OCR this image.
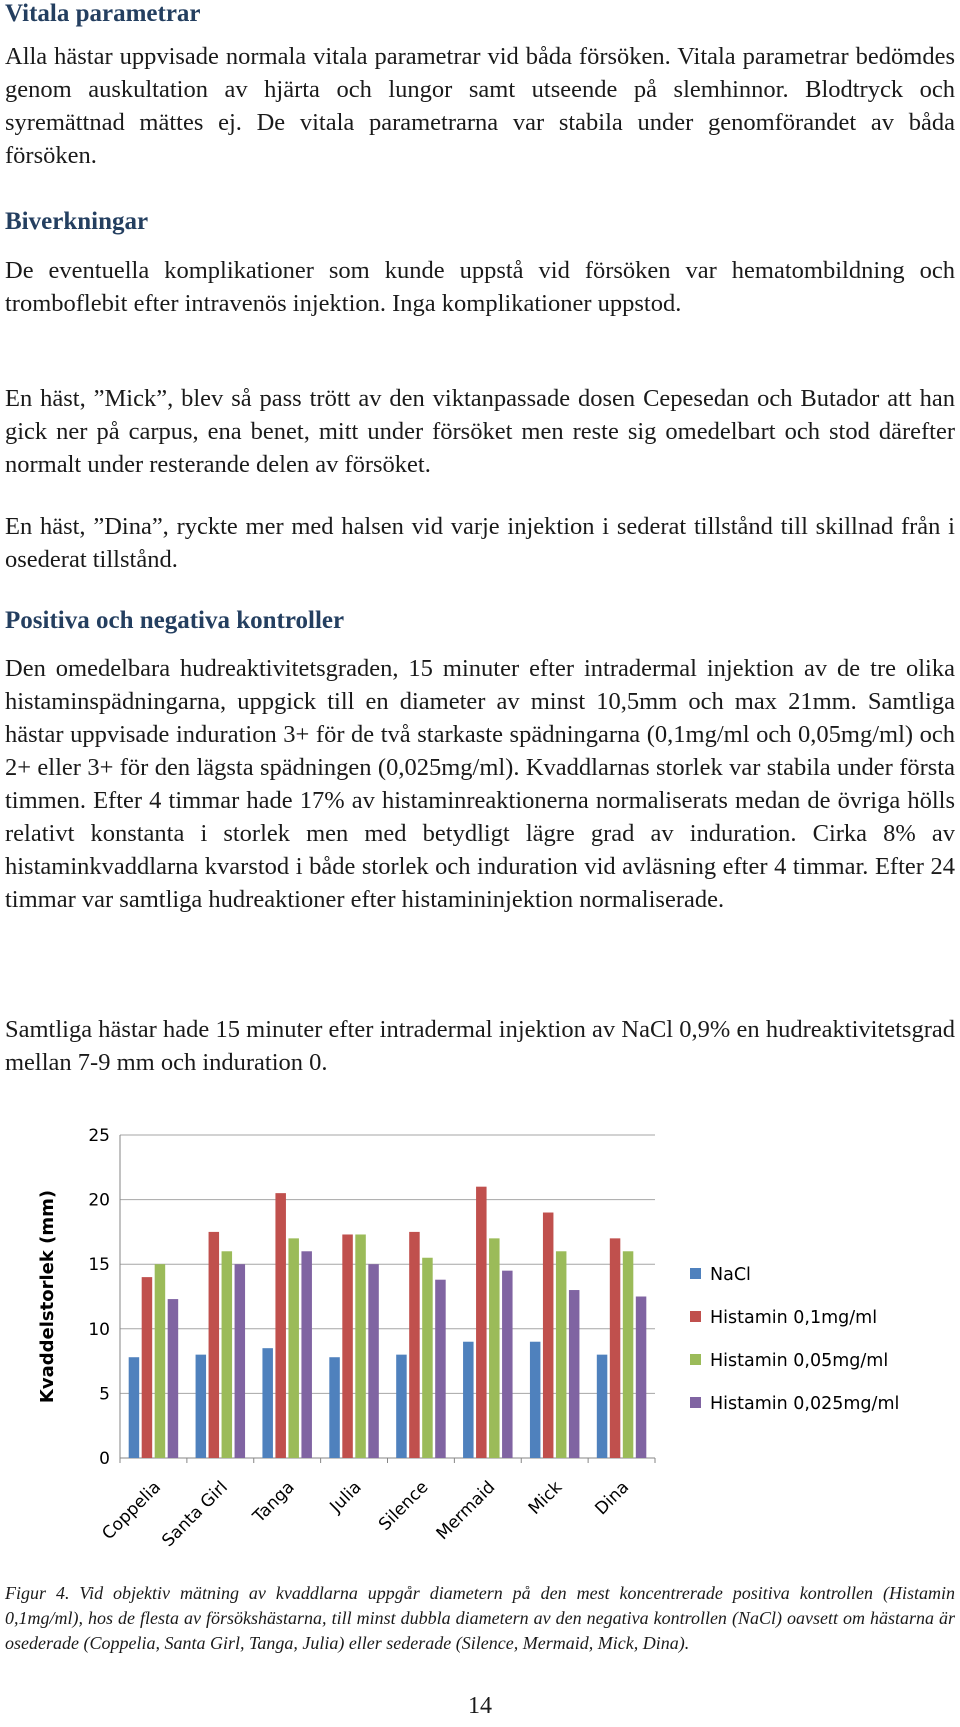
Vitala parametrar

Alla hästar uppvisade normala vitala parametrar vid båda försöken. Vitala parametrar bedömdes genom auskultation av hjärta och lungor samt utseende på slemhinnor. Blodtryck och syremättnad mättes ej. De vitala parametrarna var stabila under genomförandet av båda försöken.

Biverkningar

De eventuella komplikationer som kunde uppstå vid försöken var hematombildning och tromboflebit efter intravenös injektion. Inga komplikationer uppstod.

En häst, ”Mick”, blev så pass trött av den viktanpassade dosen Cepesedan och Butador att han gick ner på carpus, ena benet, mitt under försöket men reste sig omedelbart och stod därefter normalt under resterande delen av försöket.

En häst, ”Dina”, ryckte mer med halsen vid varje injektion i sederat tillstånd till skillnad från i osederat tillstånd.

Positiva och negativa kontroller

Den omedelbara hudreaktivitetsgraden, 15 minuter efter intradermal injektion av de tre olika histaminspädningarna, uppgick till en diameter av minst 10,5mm och max 21mm. Samtliga hästar uppvisade induration 3+ för de två starkaste spädningarna (0,1mg/ml och 0,05mg/ml) och 2+ eller 3+ för den lägsta spädningen (0,025mg/ml). Kvaddlarnas storlek var stabila under första timmen. Efter 4 timmar hade 17% av histaminreaktionerna normaliserats medan de övriga hölls relativt konstanta i storlek men med betydligt lägre grad av induration. Cirka 8% av histaminkvaddlarna kvarstod i både storlek och induration vid avläsning efter 4 timmar. Efter 24 timmar var samtliga hudreaktioner efter histamininjektion normaliserade.

Samtliga hästar hade 15 minuter efter intradermal injektion av NaCl 0,9% en hudreaktivitetsgrad mellan 7-9 mm och induration 0.

0
5
10
15
20
25
Kvaddelstorlek (mm)
Coppelia
Santa Girl Tanga Julia Silence Mermaid Mick Dina
NaCl
Histamin 0,1mg/ml
Histamin 0,05mg/ml
Histamin 0,025mg/ml
Figur 4. Vid objektiv mätning av kvaddlarna uppgår diametern på den mest koncentrerade positiva kontrollen (Histamin 0,1mg/ml), hos de flesta av försökshästarna, till minst dubbla diametern av den negativa kontrollen (NaCl) oavsett om hästarna är osederade (Coppelia, Santa Girl, Tanga, Julia) eller sederade (Silence, Mermaid, Mick, Dina).
14
